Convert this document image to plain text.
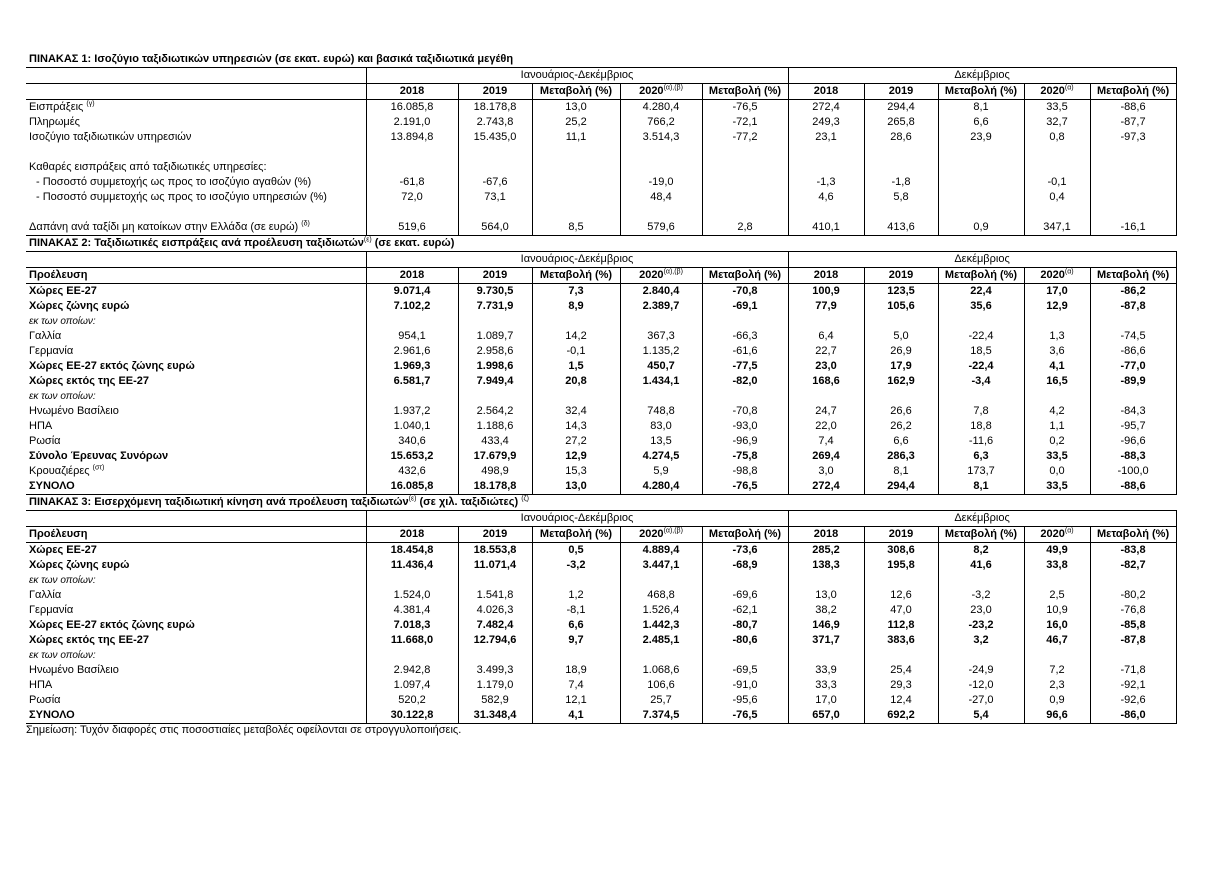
ΠΙΝΑΚΑΣ 1: Ισοζύγιο ταξιδιωτικών υπηρεσιών (σε εκατ. ευρώ) και βασικά ταξιδιωτικά μεγέθη										
	Ιανουάριος-Δεκέμβριος					Δεκέμβριος				
	2018	2019	Μεταβολή (%)	$2020^{(\alpha),(\beta)}$	Μεταβολή (%)	2018	2019	Μεταβολή (%)	$2020^{(\alpha)}$	Μεταβολή (%)
Εισπράξεις $^{(\gamma)}$	16.085,8	18.178,8	13,0	4.280,4	-76,5	272,4	294,4	8,1	33,5	-88,6
Πληρωμές	2.191,0	2.743,8	25,2	766,2	-72,1	249,3	265,8	6,6	32,7	-87,7
Ισοζύγιο ταξιδιωτικών υπηρεσιών	13.894,8	15.435,0	11,1	3.514,3	-77,2	23,1	28,6	23,9	0,8	-97,3

Καθαρές εισπράξεις από ταξιδιωτικές υπηρεσίες:										
- Ποσοστό συμμετοχής ως προς το ισοζύγιο αγαθών (%)	-61,8	-67,6		-19,0		-1,3	-1,8		-0,1	
- Ποσοστό συμμετοχής ως προς το ισοζύγιο υπηρεσιών (%)	72,0	73,1		48,4		4,6	5,8		0,4	

Δαπάνη ανά ταξίδι μη κατοίκων στην Ελλάδα (σε ευρώ) $^{(\delta)}$	519,6	564,0	8,5	579,6	2,8	410,1	413,6	0,9	347,1	-16,1
ΠΙΝΑΚΑΣ 2: Ταξιδιωτικές εισπράξεις ανά προέλευση ταξιδιωτών$^{(\varepsilon)}$ (σε εκατ. ευρώ)										
	Ιανουάριος-Δεκέμβριος					Δεκέμβριος				
Προέλευση	2018	2019	Μεταβολή (%)	$2020^{(\alpha),(\beta)}$	Μεταβολή (%)	2018	2019	Μεταβολή (%)	$2020^{(\alpha)}$	Μεταβολή (%)
Χώρες ΕΕ-27	9.071,4	9.730,5	7,3	2.840,4	-70,8	100,9	123,5	22,4	17,0	-86,2
Χώρες ζώνης ευρώ	7.102,2	7.731,9	8,9	2.389,7	-69,1	77,9	105,6	35,6	12,9	-87,8
εκ των οποίων:										
Γαλλία	954,1	1.089,7	14,2	367,3	-66,3	6,4	5,0	-22,4	1,3	-74,5
Γερμανία	2.961,6	2.958,6	-0,1	1.135,2	-61,6	22,7	26,9	18,5	3,6	-86,6
Χώρες ΕΕ-27 εκτός ζώνης ευρώ	1.969,3	1.998,6	1,5	450,7	-77,5	23,0	17,9	-22,4	4,1	-77,0
Χώρες εκτός της ΕΕ-27	6.581,7	7.949,4	20,8	1.434,1	-82,0	168,6	162,9	-3,4	16,5	-89,9
εκ των οποίων:										
Ηνωμένο Βασίλειο	1.937,2	2.564,2	32,4	748,8	-70,8	24,7	26,6	7,8	4,2	-84,3
ΗΠΑ	1.040,1	1.188,6	14,3	83,0	-93,0	22,0	26,2	18,8	1,1	-95,7
Ρωσία	340,6	433,4	27,2	13,5	-96,9	7,4	6,6	-11,6	0,2	-96,6
Σύνολο Έρευνας Συνόρων	15.653,2	17.679,9	12,9	4.274,5	-75,8	269,4	286,3	6,3	33,5	-88,3
Κρουαζιέρες $^{(\sigma\tau)}$	432,6	498,9	15,3	5,9	-98,8	3,0	8,1	173,7	0,0	-100,0
ΣΥΝΟΛΟ	16.085,8	18.178,8	13,0	4.280,4	-76,5	272,4	294,4	8,1	33,5	-88,6
ΠΙΝΑΚΑΣ 3: Εισερχόμενη ταξιδιωτική κίνηση ανά προέλευση ταξιδιωτών$^{(\varepsilon)}$ (σε χιλ. ταξιδιώτες) $^{(\zeta)}$
	Ιανουάριος-Δεκέμβριος					Δεκέμβριος				
Προέλευση	2018	2019	Μεταβολή (%)	$2020^{(\alpha),(\beta)}$	Μεταβολή (%)	2018	2019	Μεταβολή (%)	$2020^{(\alpha)}$	Μεταβολή (%)
Χώρες ΕΕ-27	18.454,8	18.553,8	0,5	4.889,4	-73,6	285,2	308,6	8,2	49,9	-83,8
Χώρες ζώνης ευρώ	11.436,4	11.071,4	-3,2	3.447,1	-68,9	138,3	195,8	41,6	33,8	-82,7
εκ των οποίων:										
Γαλλία	1.524,0	1.541,8	1,2	468,8	-69,6	13,0	12,6	-3,2	2,5	-80,2
Γερμανία	4.381,4	4.026,3	-8,1	1.526,4	-62,1	38,2	47,0	23,0	10,9	-76,8
Χώρες ΕΕ-27 εκτός ζώνης ευρώ	7.018,3	7.482,4	6,6	1.442,3	-80,7	146,9	112,8	-23,2	16,0	-85,8
Χώρες εκτός της ΕΕ-27	11.668,0	12.794,6	9,7	2.485,1	-80,6	371,7	383,6	3,2	46,7	-87,8
εκ των οποίων:										
Ηνωμένο Βασίλειο	2.942,8	3.499,3	18,9	1.068,6	-69,5	33,9	25,4	-24,9	7,2	-71,8
ΗΠΑ	1.097,4	1.179,0	7,4	106,6	-91,0	33,3	29,3	-12,0	2,3	-92,1
Ρωσία	520,2	582,9	12,1	25,7	-95,6	17,0	12,4	-27,0	0,9	-92,6
ΣΥΝΟΛΟ	30.122,8	31.348,4	4,1	7.374,5	-76,5	657,0	692,2	5,4	96,6	-86,0
Σημείωση: Τυχόν διαφορές στις ποσοστιαίες μεταβολές οφείλονται σε στρογγυλοποιήσεις.
